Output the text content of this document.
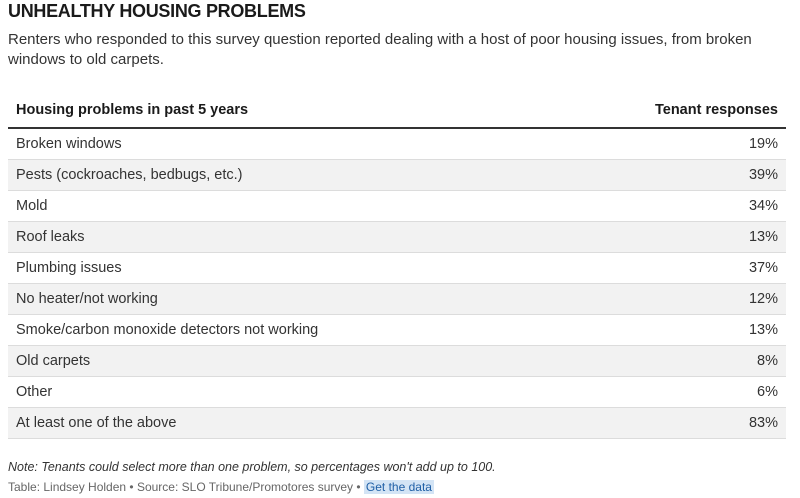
UNHEALTHY HOUSING PROBLEMS
Renters who responded to this survey question reported dealing with a host of poor housing issues, from broken windows to old carpets.
Housing problems in past 5 years	Tenant responses
Broken windows	19%
Pests (cockroaches, bedbugs, etc.)	39%
Mold	34%
Roof leaks	13%
Plumbing issues	37%
No heater/not working	12%
Smoke/carbon monoxide detectors not working	13%
Old carpets	8%
Other	6%
At least one of the above	83%
Note: Tenants could select more than one problem, so percentages won't add up to 100.
Table: Lindsey Holden • Source: SLO Tribune/Promotores survey • Get the data
